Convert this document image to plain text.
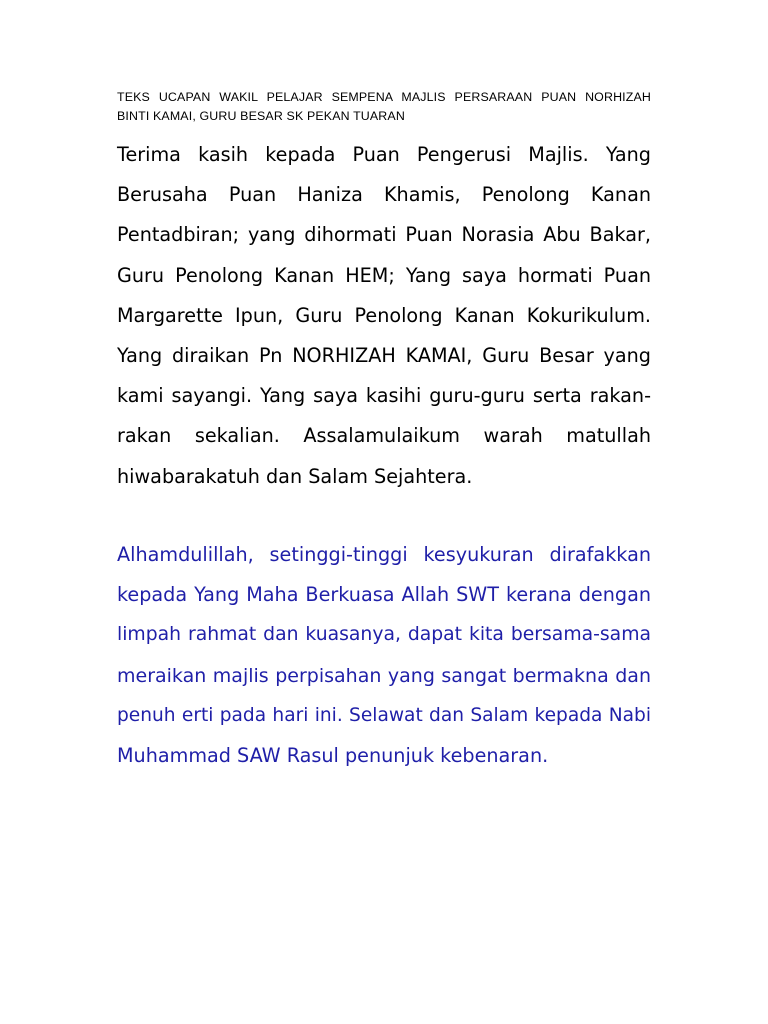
TEKS UCAPAN WAKIL PELAJAR SEMPENA MAJLIS PERSARAAN PUAN NORHIZAH
BINTI KAMAI, GURU BESAR SK PEKAN TUARAN
Terima kasih kepada Puan Pengerusi Majlis. Yang
Berusaha Puan Haniza Khamis, Penolong Kanan
Pentadbiran; yang dihormati Puan Norasia Abu Bakar,
Guru Penolong Kanan HEM; Yang saya hormati Puan
Margarette Ipun, Guru Penolong Kanan Kokurikulum.
Yang diraikan Pn NORHIZAH KAMAI, Guru Besar yang
kami sayangi. Yang saya kasihi guru-guru serta rakan-
rakan sekalian. Assalamulaikum warah matullah
hiwabarakatuh dan Salam Sejahtera.
Alhamdulillah, setinggi-tinggi kesyukuran dirafakkan
kepada Yang Maha Berkuasa Allah SWT kerana dengan
limpah rahmat dan kuasanya, dapat kita bersama-sama
meraikan majlis perpisahan yang sangat bermakna dan
penuh erti pada hari ini. Selawat dan Salam kepada Nabi
Muhammad SAW Rasul penunjuk kebenaran.
